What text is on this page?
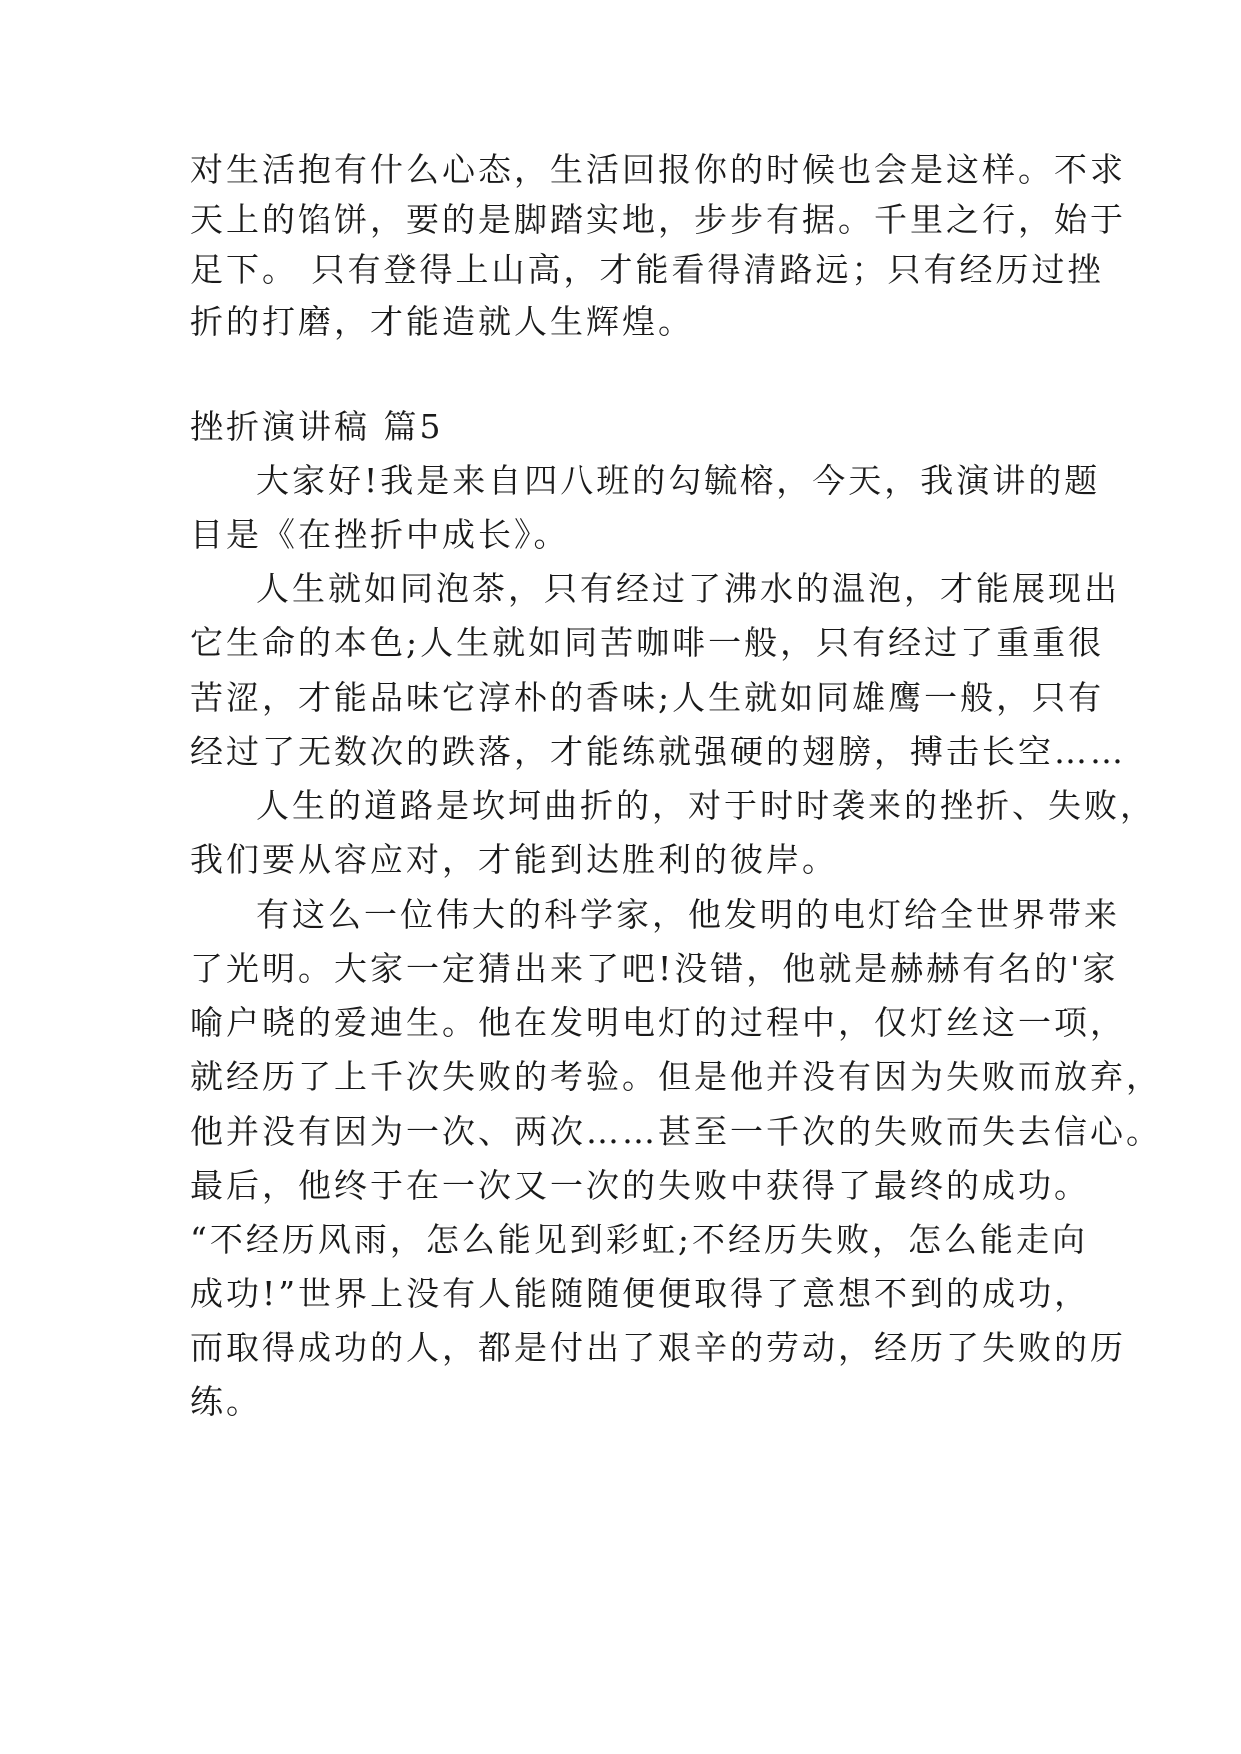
对生活抱有什么心态，生活回报你的时候也会是这样。不求
天上的馅饼，要的是脚踏实地，步步有据。千里之行，始于
足下。 只有登得上山高，才能看得清路远；只有经历过挫
折的打磨，才能造就人生辉煌。
挫折演讲稿 篇5
大家好!我是来自四八班的勾毓榕，今天，我演讲的题
目是《在挫折中成长》。
人生就如同泡茶，只有经过了沸水的温泡，才能展现出
它生命的本色;人生就如同苦咖啡一般，只有经过了重重很
苦涩，才能品味它淳朴的香味;人生就如同雄鹰一般，只有
经过了无数次的跌落，才能练就强硬的翅膀，搏击长空……
人生的道路是坎坷曲折的，对于时时袭来的挫折、失败，
我们要从容应对，才能到达胜利的彼岸。
有这么一位伟大的科学家，他发明的电灯给全世界带来
了光明。大家一定猜出来了吧!没错，他就是赫赫有名的'家
喻户晓的爱迪生。他在发明电灯的过程中，仅灯丝这一项，
就经历了上千次失败的考验。但是他并没有因为失败而放弃，
他并没有因为一次、两次……甚至一千次的失败而失去信心。
最后，他终于在一次又一次的失败中获得了最终的成功。
“不经历风雨，怎么能见到彩虹;不经历失败，怎么能走向
成功!”世界上没有人能随随便便取得了意想不到的成功，
而取得成功的人，都是付出了艰辛的劳动，经历了失败的历
练。
